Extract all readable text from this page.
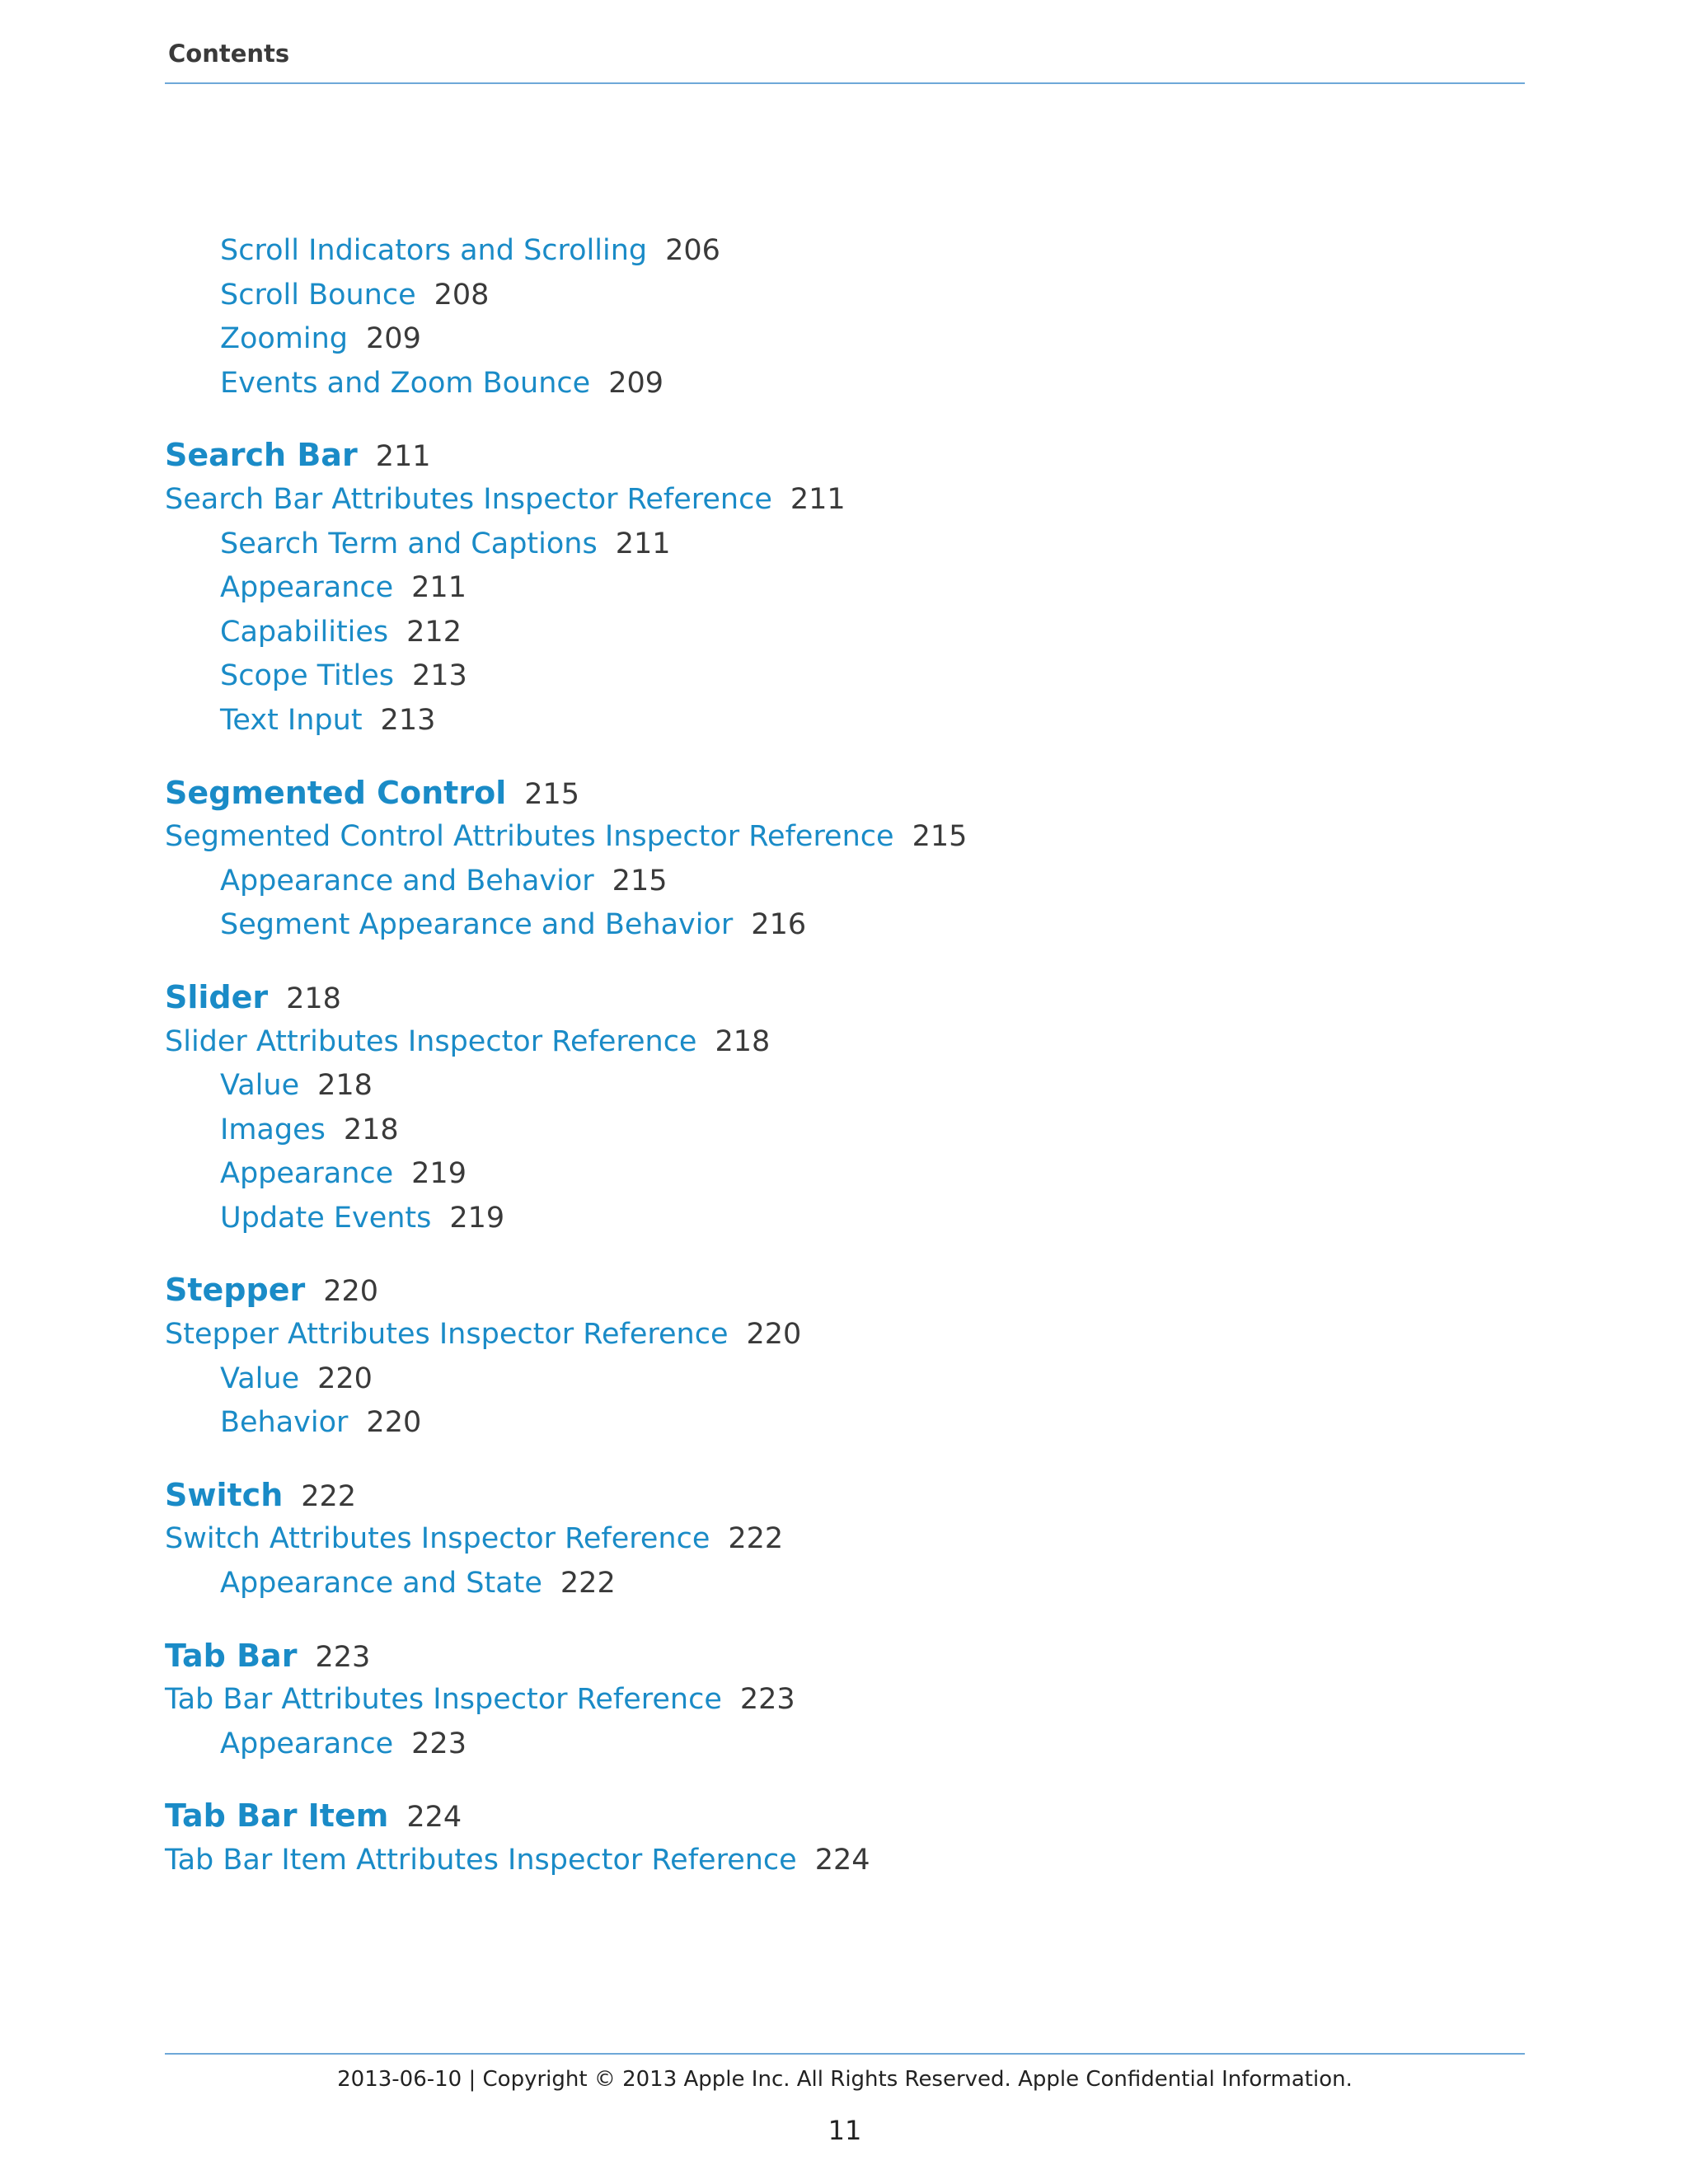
Contents
Scroll Indicators and Scrolling 206
Scroll Bounce 208
Zooming 209
Events and Zoom Bounce 209
Search Bar 211
Search Bar Attributes Inspector Reference 211
Search Term and Captions 211
Appearance 211
Capabilities 212
Scope Titles 213
Text Input 213
Segmented Control 215
Segmented Control Attributes Inspector Reference 215
Appearance and Behavior 215
Segment Appearance and Behavior 216
Slider 218
Slider Attributes Inspector Reference 218
Value 218
Images 218
Appearance 219
Update Events 219
Stepper 220
Stepper Attributes Inspector Reference 220
Value 220
Behavior 220
Switch 222
Switch Attributes Inspector Reference 222
Appearance and State 222
Tab Bar 223
Tab Bar Attributes Inspector Reference 223
Appearance 223
Tab Bar Item 224
Tab Bar Item Attributes Inspector Reference 224
2013-06-10 | Copyright © 2013 Apple Inc. All Rights Reserved. Apple Confidential Information.
11
